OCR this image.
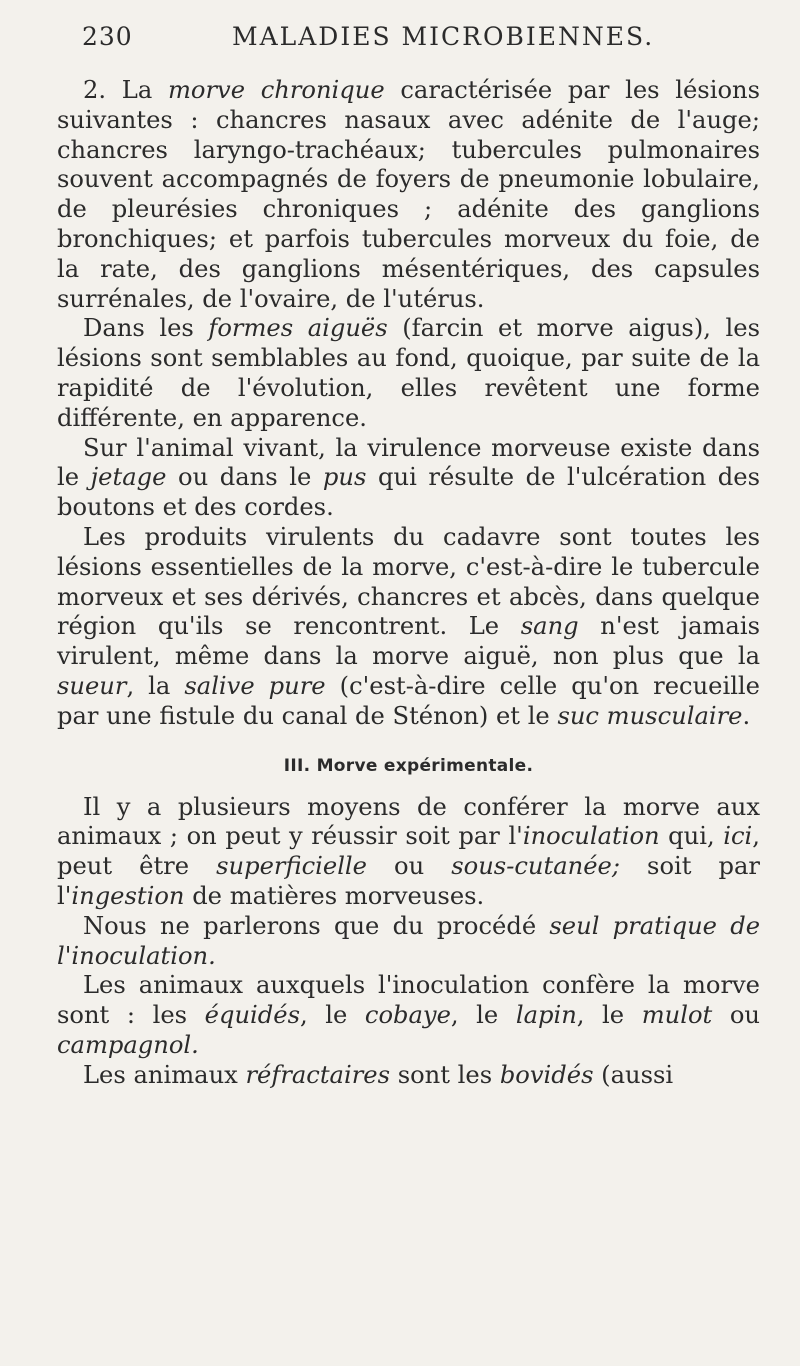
230	MALADIES MICROBIENNES.

2. La morve chronique caractérisée par les lésions suivantes : chancres nasaux avec adénite de l'auge; chancres laryngo-trachéaux; tubercules pulmonaires souvent accompagnés de foyers de pneumonie lobulaire, de pleurésies chroniques ; adénite des ganglions bronchiques; et parfois tubercules morveux du foie, de la rate, des ganglions mésentériques, des capsules surrénales, de l'ovaire, de l'utérus.

Dans les formes aiguës (farcin et morve aigus), les lésions sont semblables au fond, quoique, par suite de la rapidité de l'évolution, elles revêtent une forme différente, en apparence.

Sur l'animal vivant, la virulence morveuse existe dans le jetage ou dans le pus qui résulte de l'ulcération des boutons et des cordes.

Les produits virulents du cadavre sont toutes les lésions essentielles de la morve, c'est-à-dire le tubercule morveux et ses dérivés, chancres et abcès, dans quelque région qu'ils se rencontrent. Le sang n'est jamais virulent, même dans la morve aiguë, non plus que la sueur, la salive pure (c'est-à-dire celle qu'on recueille par une fistule du canal de Sténon) et le suc musculaire.

III. Morve expérimentale.

Il y a plusieurs moyens de conférer la morve aux animaux ; on peut y réussir soit par l'inoculation qui, ici, peut être superficielle ou sous-cutanée; soit par l'ingestion de matières morveuses.

Nous ne parlerons que du procédé seul pratique de l'inoculation.

Les animaux auxquels l'inoculation confère la morve sont : les équidés, le cobaye, le lapin, le mulot ou campagnol.

Les animaux réfractaires sont les bovidés (aussi
